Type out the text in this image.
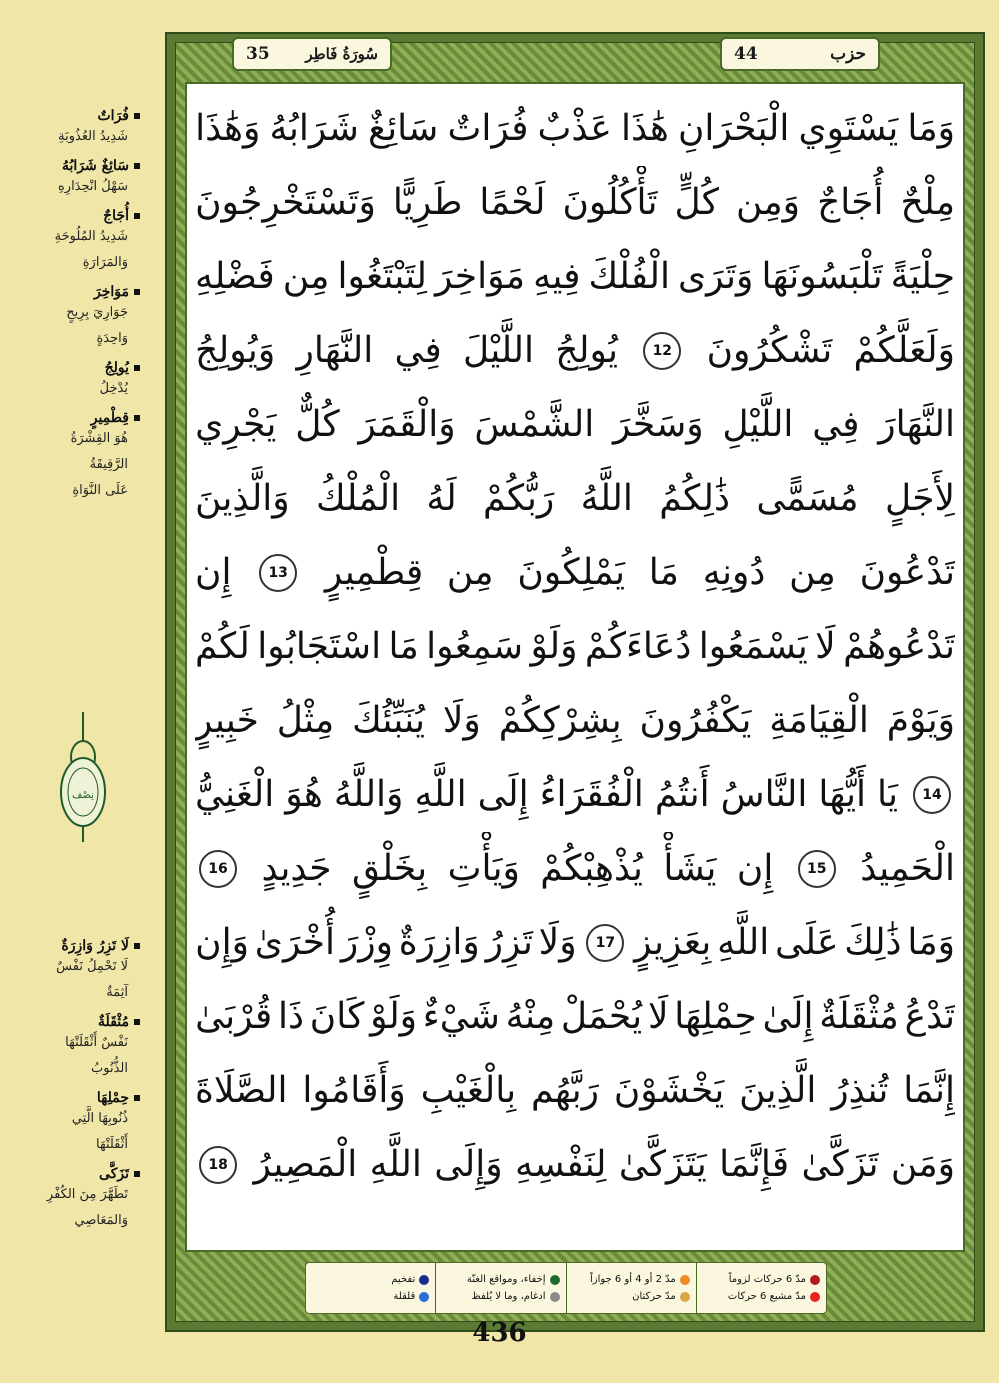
35 سُورَةُ فَاطِر	حزب
44
وَمَا
يَسْتَوِي
الْبَحْرَانِ
هَٰذَا
عَذْبٌ
فُرَاتٌ
سَائِغٌ
شَرَابُهُ
وَهَٰذَا
مِلْحٌ
أُجَاجٌ
وَمِن
كُلٍّ
تَأْكُلُونَ
لَحْمًا
طَرِيًّا
وَتَسْتَخْرِجُونَ
حِلْيَةً
تَلْبَسُونَهَا
وَتَرَى
الْفُلْكَ
فِيهِ
مَوَاخِرَ
لِتَبْتَغُوا
مِن
فَضْلِهِ
وَلَعَلَّكُمْ
تَشْكُرُونَ
12
يُولِجُ
اللَّيْلَ
فِي
النَّهَارِ
وَيُولِجُ
النَّهَارَ
فِي
اللَّيْلِ
وَسَخَّرَ
الشَّمْسَ
وَالْقَمَرَ
كُلٌّ
يَجْرِي
لِأَجَلٍ
مُسَمًّى
ذَٰلِكُمُ
اللَّهُ
رَبُّكُمْ
لَهُ
الْمُلْكُ
وَالَّذِينَ
تَدْعُونَ
مِن
دُونِهِ
مَا
يَمْلِكُونَ
مِن
قِطْمِيرٍ
13
إِن
تَدْعُوهُمْ
لَا
يَسْمَعُوا
دُعَاءَكُمْ
وَلَوْ
سَمِعُوا
مَا
اسْتَجَابُوا
لَكُمْ
وَيَوْمَ
الْقِيَامَةِ
يَكْفُرُونَ
بِشِرْكِكُمْ
وَلَا
يُنَبِّئُكَ
مِثْلُ
خَبِيرٍ
14
يَا
أَيُّهَا
النَّاسُ
أَنتُمُ
الْفُقَرَاءُ
إِلَى
اللَّهِ
وَاللَّهُ
هُوَ
الْغَنِيُّ
الْحَمِيدُ
15
إِن
يَشَأْ
يُذْهِبْكُمْ
وَيَأْتِ
بِخَلْقٍ
جَدِيدٍ
16
وَمَا
ذَٰلِكَ
عَلَى
اللَّهِ
بِعَزِيزٍ
17
وَلَا
تَزِرُ
وَازِرَةٌ
وِزْرَ
أُخْرَىٰ
وَإِن
تَدْعُ
مُثْقَلَةٌ
إِلَىٰ
حِمْلِهَا
لَا
يُحْمَلْ
مِنْهُ
شَيْءٌ
وَلَوْ
كَانَ
ذَا
قُرْبَىٰ
إِنَّمَا
تُنذِرُ
الَّذِينَ
يَخْشَوْنَ
رَبَّهُم
بِالْغَيْبِ
وَأَقَامُوا
الصَّلَاةَ
وَمَن
تَزَكَّىٰ
فَإِنَّمَا
يَتَزَكَّىٰ
لِنَفْسِهِ
وَإِلَى
اللَّهِ
الْمَصِيرُ
18
فُرَاتٌ
شَدِيدُ العُذُوبَةِ
سَائِغٌ شَرَابُهُ
سَهْلُ انْحِدَارِهِ
أُجَاجٌ
شَدِيدُ المُلُوحَةِ
وَالمَرَارَةِ
مَوَاخِرَ
جَوَارِيَ بِرِيحٍ
وَاحِدَةٍ
يُولِجُ
يُدْخِلُ
قِطْمِيرٍ
هُوَ القِشْرَةُ
الرَّقِيقَةُ
عَلَى النَّوَاةِ
نِصْف
لَا تَزِرُ وَازِرَةٌ
لَا تَحْمِلُ نَفْسٌ
آثِمَةٌ
مُثْقَلَةٌ
نَفْسٌ أَثْقَلَتْهَا
الذُّنُوبُ
حِمْلِهَا
ذُنُوبِهَا الَّتِي
أَثْقَلَتْهَا
تَزَكَّى
تَطَهَّرَ مِنَ الكُفْرِ
وَالمَعَاصِي
مدّ 6 حركات لزوماً
مدّ مشبع 6 حركات
مدّ 2 أو 4 أو 6 جوازاً
مدّ حركتان
إخفاء، ومواقع الغنّة
ادغام، وما لا يُلفظ
تفخيم
قلقلة
436
